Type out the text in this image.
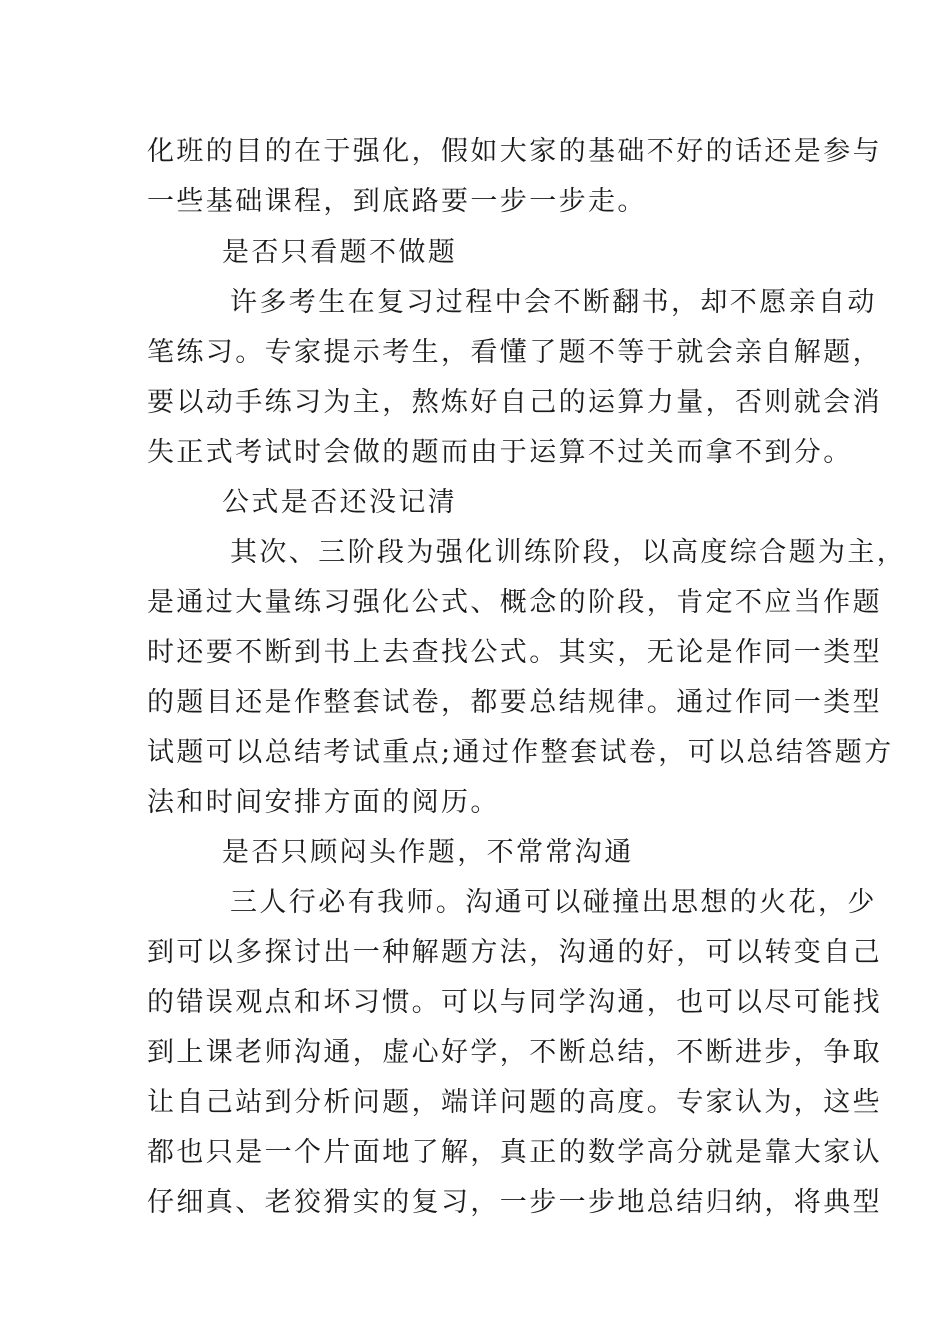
化班的目的在于强化，假如大家的基础不好的话还是参与
一些基础课程，到底路要一步一步走。
是否只看题不做题
许多考生在复习过程中会不断翻书，却不愿亲自动
笔练习。专家提示考生，看懂了题不等于就会亲自解题，
要以动手练习为主，熬炼好自己的运算力量，否则就会消
失正式考试时会做的题而由于运算不过关而拿不到分。
公式是否还没记清
其次、三阶段为强化训练阶段，以高度综合题为主，
是通过大量练习强化公式、概念的阶段，肯定不应当作题
时还要不断到书上去查找公式。其实，无论是作同一类型
的题目还是作整套试卷，都要总结规律。通过作同一类型
试题可以总结考试重点;通过作整套试卷，可以总结答题方
法和时间安排方面的阅历。
是否只顾闷头作题，不常常沟通
三人行必有我师。沟通可以碰撞出思想的火花，少
到可以多探讨出一种解题方法，沟通的好，可以转变自己
的错误观点和坏习惯。可以与同学沟通，也可以尽可能找
到上课老师沟通，虚心好学，不断总结，不断进步，争取
让自己站到分析问题，端详问题的高度。专家认为，这些
都也只是一个片面地了解，真正的数学高分就是靠大家认
仔细真、老狡猾实的复习，一步一步地总结归纳，将典型
